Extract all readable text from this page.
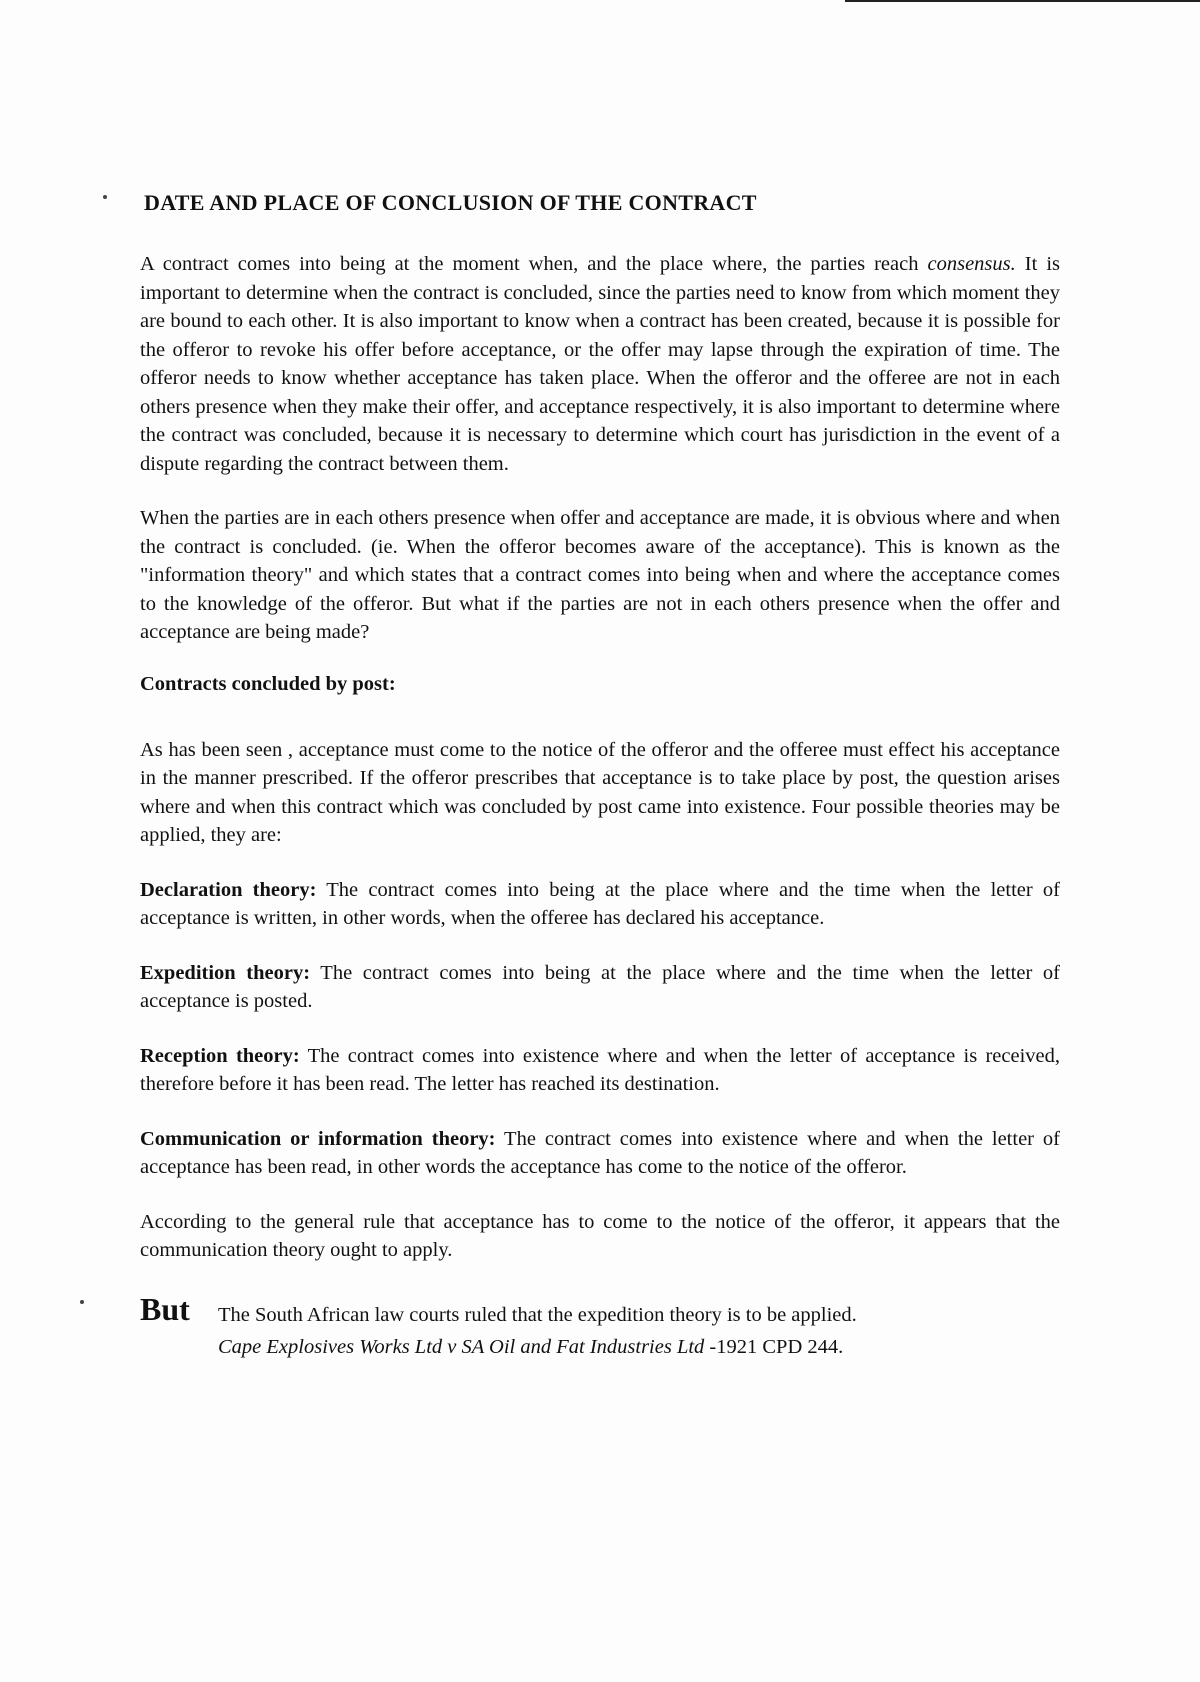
DATE AND PLACE OF CONCLUSION OF THE CONTRACT

A contract comes into being at the moment when, and the place where, the parties reach consensus. It is important to determine when the contract is concluded, since the parties need to know from which moment they are bound to each other. It is also important to know when a contract has been created, because it is possible for the offeror to revoke his offer before acceptance, or the offer may lapse through the expiration of time. The offeror needs to know whether acceptance has taken place. When the offeror and the offeree are not in each others presence when they make their offer, and acceptance respectively, it is also important to determine where the contract was concluded, because it is necessary to determine which court has jurisdiction in the event of a dispute regarding the contract between them.

When the parties are in each others presence when offer and acceptance are made, it is obvious where and when the contract is concluded. (ie. When the offeror becomes aware of the acceptance). This is known as the "information theory" and which states that a contract comes into being when and where the acceptance comes to the knowledge of the offeror. But what if the parties are not in each others presence when the offer and acceptance are being made?

Contracts concluded by post:

As has been seen , acceptance must come to the notice of the offeror and the offeree must effect his acceptance in the manner prescribed. If the offeror prescribes that acceptance is to take place by post, the question arises where and when this contract which was concluded by post came into existence. Four possible theories may be applied, they are:

Declaration theory: The contract comes into being at the place where and the time when the letter of acceptance is written, in other words, when the offeree has declared his acceptance.

Expedition theory: The contract comes into being at the place where and the time when the letter of acceptance is posted.

Reception theory: The contract comes into existence where and when the letter of acceptance is received, therefore before it has been read. The letter has reached its destination.

Communication or information theory: The contract comes into existence where and when the letter of acceptance has been read, in other words the acceptance has come to the notice of the offeror.

According to the general rule that acceptance has to come to the notice of the offeror, it appears that the communication theory ought to apply.

But The South African law courts ruled that the expedition theory is to be applied.
Cape Explosives Works Ltd v SA Oil and Fat Industries Ltd -1921 CPD 244.
